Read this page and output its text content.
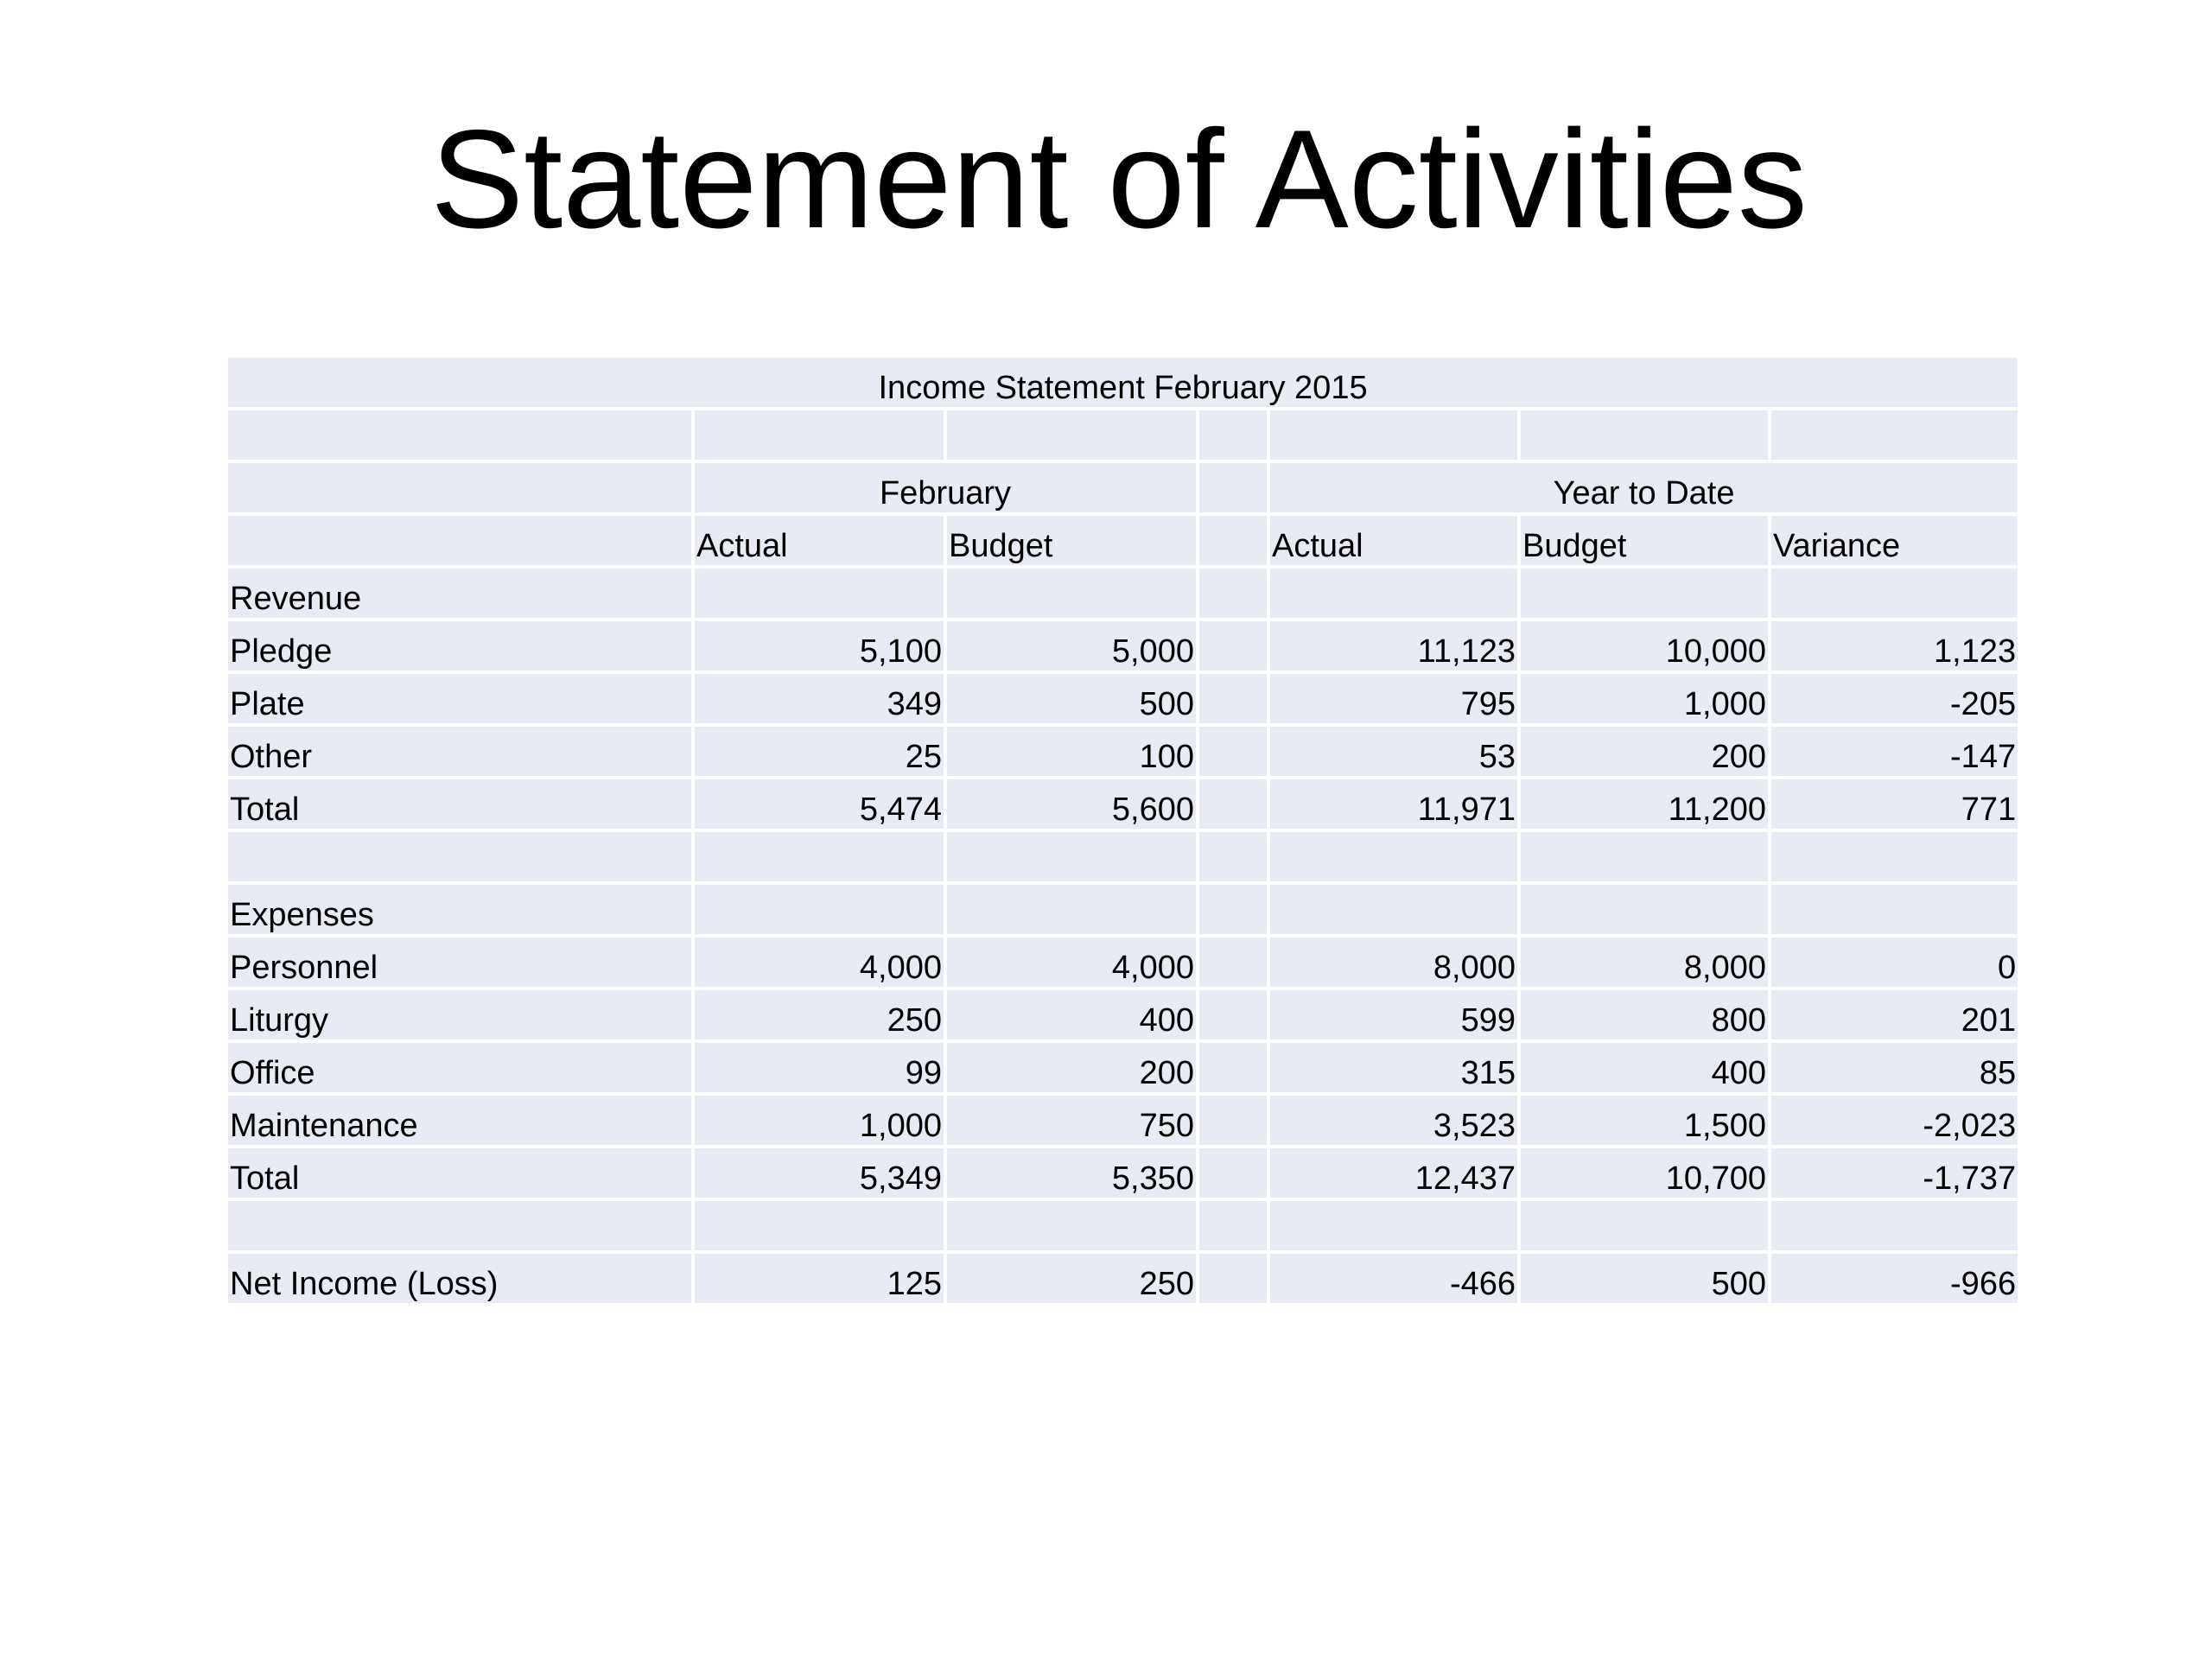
Statement of Activities
Income Statement February 2015						

	February			Year to Date		
	Actual	Budget		Actual	Budget	Variance
Revenue						
Pledge	5,100	5,000		11,123	10,000	1,123
Plate	349	500		795	1,000	-205
Other	25	100		53	200	-147
Total	5,474	5,600		11,971	11,200	771

Expenses						
Personnel	4,000	4,000		8,000	8,000	0
Liturgy	250	400		599	800	201
Office	99	200		315	400	85
Maintenance	1,000	750		3,523	1,500	-2,023
Total	5,349	5,350		12,437	10,700	-1,737

Net Income (Loss)	125	250		-466	500	-966
